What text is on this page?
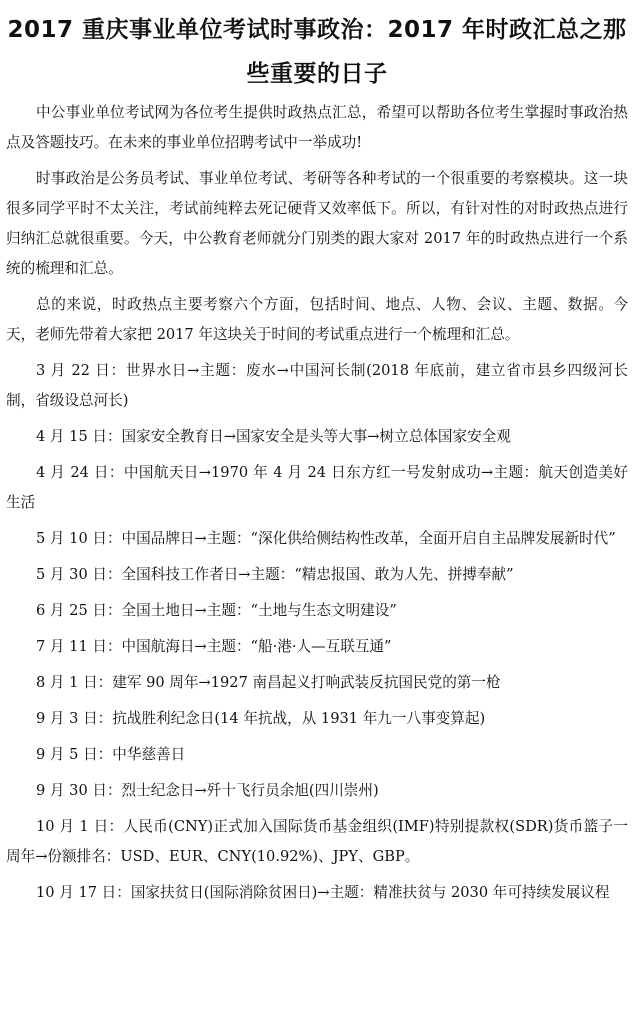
2017 重庆事业单位考试时事政治：2017 年时政汇总之那些重要的日子

中公事业单位考试网为各位考生提供时政热点汇总，希望可以帮助各位考生掌握时事政治热点及答题技巧。在未来的事业单位招聘考试中一举成功!

时事政治是公务员考试、事业单位考试、考研等各种考试的一个很重要的考察模块。这一块很多同学平时不太关注，考试前纯粹去死记硬背又效率低下。所以，有针对性的对时政热点进行归纳汇总就很重要。今天，中公教育老师就分门别类的跟大家对 2017 年的时政热点进行一个系统的梳理和汇总。

总的来说，时政热点主要考察六个方面，包括时间、地点、人物、会议、主题、数据。今天，老师先带着大家把 2017 年这块关于时间的考试重点进行一个梳理和汇总。

3 月 22 日：世界水日→主题：废水→中国河长制(2018 年底前，建立省市县乡四级河长制，省级设总河长)

4 月 15 日：国家安全教育日→国家安全是头等大事→树立总体国家安全观

4 月 24 日：中国航天日→1970 年 4 月 24 日东方红一号发射成功→主题：航天创造美好生活

5 月 10 日：中国品牌日→主题：“深化供给侧结构性改革，全面开启自主品牌发展新时代”

5 月 30 日：全国科技工作者日→主题：“精忠报国、敢为人先、拼搏奉献”

6 月 25 日：全国土地日→主题：“土地与生态文明建设”

7 月 11 日：中国航海日→主题：“船·港·人—互联互通”

8 月 1 日：建军 90 周年→1927 南昌起义打响武装反抗国民党的第一枪

9 月 3 日：抗战胜利纪念日(14 年抗战，从 1931 年九一八事变算起)

9 月 5 日：中华慈善日

9 月 30 日：烈士纪念日→歼十飞行员余旭(四川崇州)

10 月 1 日：人民币(CNY)正式加入国际货币基金组织(IMF)特别提款权(SDR)货币篮子一周年→份额排名：USD、EUR、CNY(10.92%)、JPY、GBP。

10 月 17 日：国家扶贫日(国际消除贫困日)→主题：精准扶贫与 2030 年可持续发展议程
